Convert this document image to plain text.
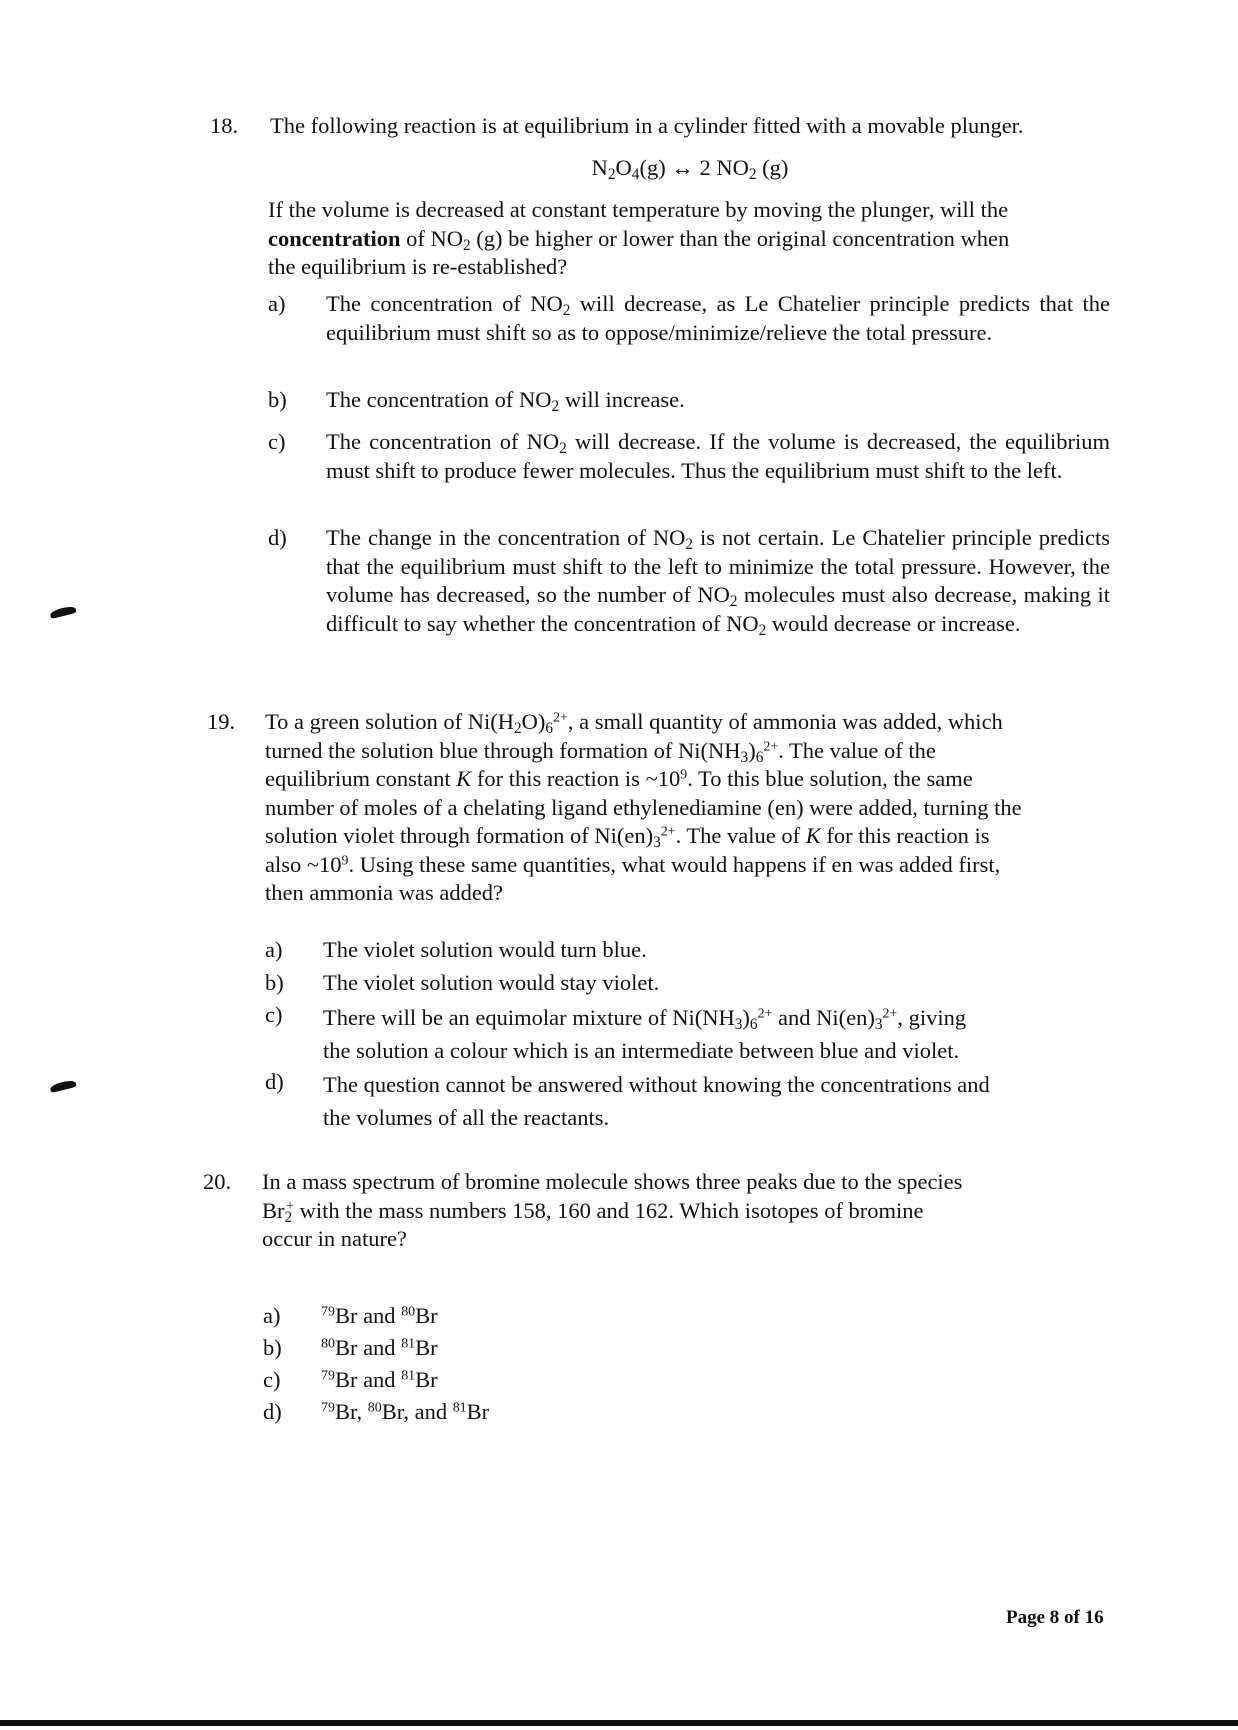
18.	The following reaction is at equilibrium in a cylinder fitted with a movable plunger.
$N_2O_4(g)$ ↔ 2 $NO_2$ (g)
If the volume is decreased at constant temperature by moving the plunger, will the
concentration of $NO_2$ (g) be higher or lower than the original concentration when
the equilibrium is re-established?
a)	The concentration of $NO_2$ will decrease, as Le Chatelier principle predicts that the equilibrium must shift so as to oppose/minimize/relieve the total pressure.
b)	The concentration of $NO_2$ will increase.
c)	The concentration of $NO_2$ will decrease. If the volume is decreased, the equilibrium must shift to produce fewer molecules. Thus the equilibrium must shift to the left.
d)	The change in the concentration of $NO_2$ is not certain. Le Chatelier principle predicts that the equilibrium must shift to the left to minimize the total pressure. However, the volume has decreased, so the number of $NO_2$ molecules must also decrease, making it difficult to say whether the concentration of $NO_2$ would decrease or increase.
19.	To a green solution of $Ni(H_2O)_6^{2+}$, a small quantity of ammonia was added, which
turned the solution blue through formation of $Ni(NH_3)_6^{2+}$. The value of the
equilibrium constant K for this reaction is $\sim 10^9$. To this blue solution, the same
number of moles of a chelating ligand ethylenediamine (en) were added, turning the
solution violet through formation of $Ni(en)_3^{2+}$. The value of K for this reaction is
also $\sim 10^9$. Using these same quantities, what would happens if en was added first,
then ammonia was added?
a)	The violet solution would turn blue.
b)	The violet solution would stay violet.
c)	There will be an equimolar mixture of $Ni(NH_3)_6^{2+}$ and $Ni(en)_3^{2+}$, giving
the solution a colour which is an intermediate between blue and violet.
d)	The question cannot be answered without knowing the concentrations and
the volumes of all the reactants.
20.	In a mass spectrum of bromine molecule shows three peaks due to the species
$Br_2^+$ with the mass numbers 158, 160 and 162. Which isotopes of bromine
occur in nature?
a)	$^{79}$Br and $^{80}$Br
b)	$^{80}$Br and $^{81}$Br
c)	$^{79}$Br and $^{81}$Br
d)	$^{79}$Br, $^{80}$Br, and $^{81}$Br
Page 8 of 16
